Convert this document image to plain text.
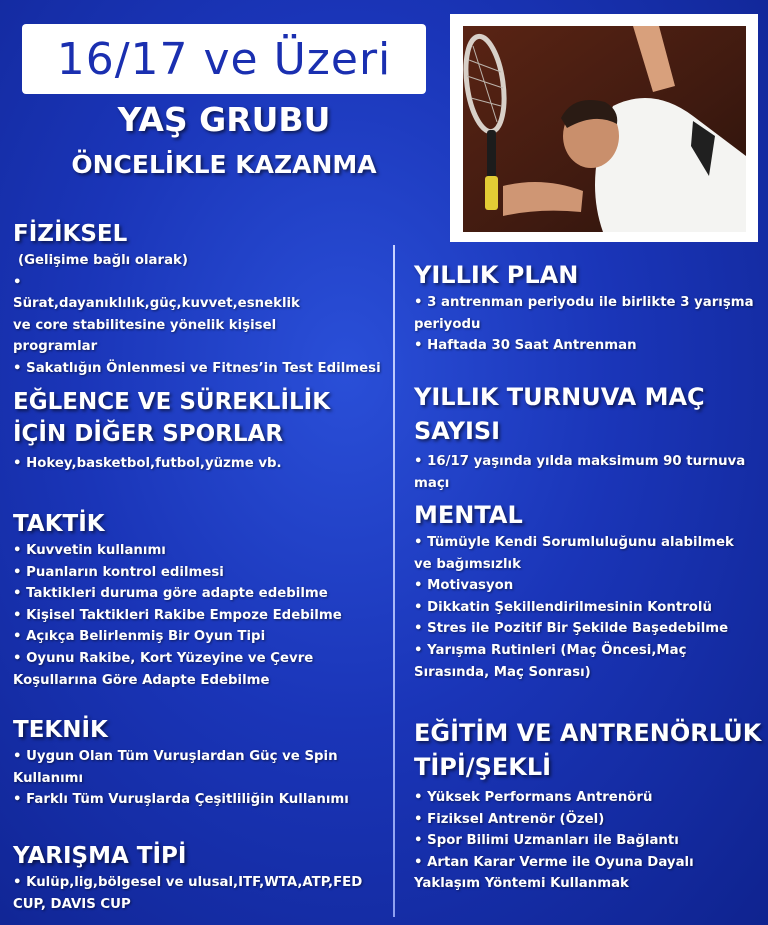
16/17 ve Üzeri
YAŞ GRUBU
ÖNCELİKLE KAZANMA
FİZİKSEL
(Gelişime bağlı olarak)
• Sürat,dayanıklılık,güç,kuvvet,esneklik ve core stabilitesine yönelik kişisel programlar
• Sakatlığın Önlenmesi ve Fitnes’in Test Edilmesi
EĞLENCE VE SÜREKLİLİK
İÇİN DİĞER SPORLAR
• Hokey,basketbol,futbol,yüzme vb.
TAKTİK
• Kuvvetin kullanımı
• Puanların kontrol edilmesi
• Taktikleri duruma göre adapte edebilme
• Kişisel Taktikleri Rakibe Empoze Edebilme
• Açıkça Belirlenmiş Bir Oyun Tipi
• Oyunu Rakibe, Kort Yüzeyine ve Çevre Koşullarına Göre Adapte Edebilme
TEKNİK
• Uygun Olan Tüm Vuruşlardan Güç ve Spin Kullanımı
• Farklı Tüm Vuruşlarda Çeşitliliğin Kullanımı
YARIŞMA TİPİ
• Kulüp,lig,bölgesel ve ulusal,ITF,WTA,ATP,FED CUP, DAVIS CUP
YILLIK PLAN
• 3 antrenman periyodu ile birlikte 3 yarışma periyodu
• Haftada 30 Saat Antrenman
YILLIK TURNUVA MAÇ
SAYISI
• 16/17 yaşında yılda maksimum 90 turnuva maçı
MENTAL
• Tümüyle Kendi Sorumluluğunu alabilmek ve bağımsızlık
• Motivasyon
• Dikkatin Şekillendirilmesinin Kontrolü
• Stres ile Pozitif Bir Şekilde Başedebilme
• Yarışma Rutinleri (Maç Öncesi,Maç Sırasında, Maç Sonrası)
EĞİTİM VE ANTRENÖRLÜK
TİPİ/ŞEKLİ
• Yüksek Performans Antrenörü
• Fiziksel Antrenör (Özel)
• Spor Bilimi Uzmanları ile Bağlantı
• Artan Karar Verme ile Oyuna Dayalı Yaklaşım Yöntemi Kullanmak
